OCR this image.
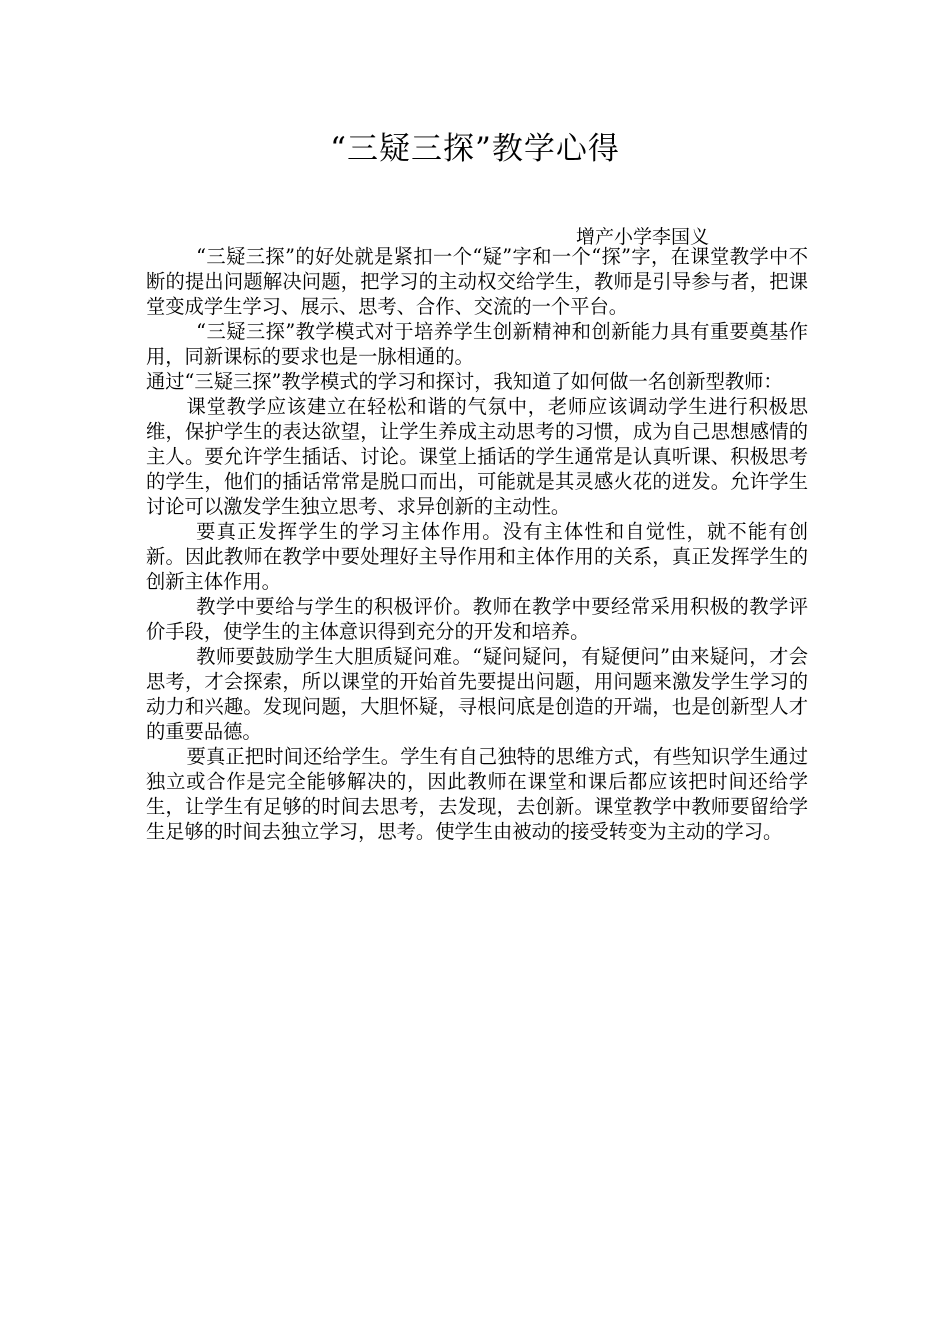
“三疑三探”教学心得
增产小学李国义

“三疑三探”的好处就是紧扣一个“疑”字和一个“探”字，在课堂教学中不断的提出问题解决问题，把学习的主动权交给学生，教师是引导参与者，把课堂变成学生学习、展示、思考、合作、交流的一个平台。

“三疑三探”教学模式对于培养学生创新精神和创新能力具有重要奠基作用，同新课标的要求也是一脉相通的。

通过“三疑三探”教学模式的学习和探讨，我知道了如何做一名创新型教师：

课堂教学应该建立在轻松和谐的气氛中，老师应该调动学生进行积极思维，保护学生的表达欲望，让学生养成主动思考的习惯，成为自己思想感情的主人。要允许学生插话、讨论。课堂上插话的学生通常是认真听课、积极思考的学生，他们的插话常常是脱口而出，可能就是其灵感火花的迸发。允许学生讨论可以激发学生独立思考、求异创新的主动性。

要真正发挥学生的学习主体作用。没有主体性和自觉性，就不能有创新。因此教师在教学中要处理好主导作用和主体作用的关系，真正发挥学生的创新主体作用。

教学中要给与学生的积极评价。教师在教学中要经常采用积极的教学评价手段，使学生的主体意识得到充分的开发和培养。

教师要鼓励学生大胆质疑问难。“疑问疑问，有疑便问”由来疑问，才会思考，才会探索，所以课堂的开始首先要提出问题，用问题来激发学生学习的动力和兴趣。发现问题，大胆怀疑，寻根问底是创造的开端，也是创新型人才的重要品德。

要真正把时间还给学生。学生有自己独特的思维方式，有些知识学生通过独立或合作是完全能够解决的，因此教师在课堂和课后都应该把时间还给学生，让学生有足够的时间去思考，去发现，去创新。课堂教学中教师要留给学生足够的时间去独立学习，思考。使学生由被动的接受转变为主动的学习。
